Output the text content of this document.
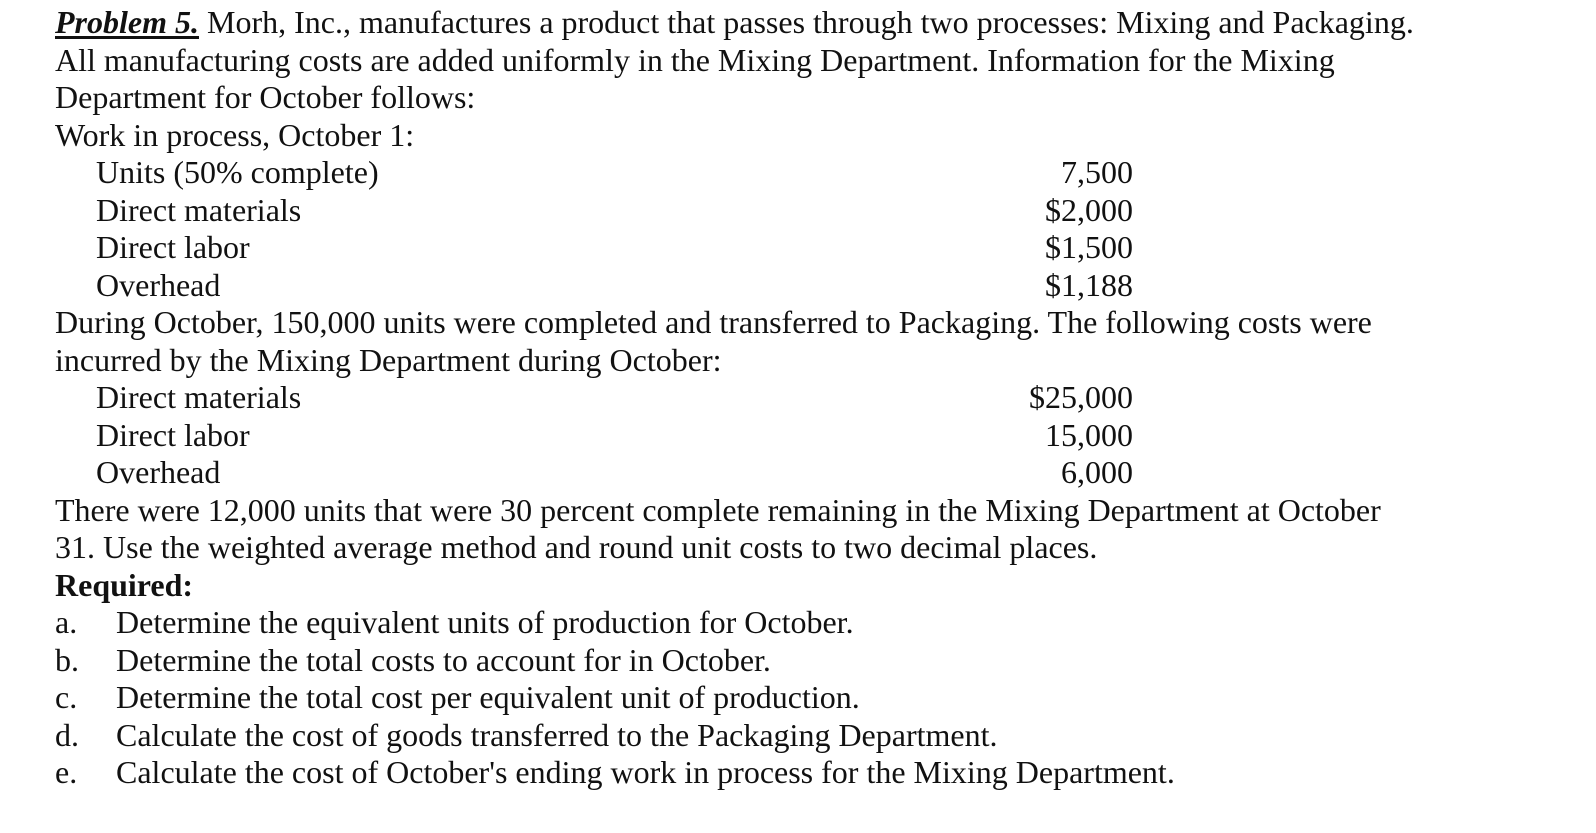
Problem 5. Morh, Inc., manufactures a product that passes through two processes: Mixing and Packaging.
All manufacturing costs are added uniformly in the Mixing Department. Information for the Mixing
Department for October follows:
Work in process, October 1:
Units (50% complete)	7,500
Direct materials	$2,000
Direct labor	$1,500
Overhead	$1,188
During October, 150,000 units were completed and transferred to Packaging. The following costs were
incurred by the Mixing Department during October:
Direct materials	$25,000
Direct labor	15,000
Overhead	6,000
There were 12,000 units that were 30 percent complete remaining in the Mixing Department at October
31. Use the weighted average method and round unit costs to two decimal places.
Required:
a. Determine the equivalent units of production for October.
b. Determine the total costs to account for in October.
c. Determine the total cost per equivalent unit of production.
d. Calculate the cost of goods transferred to the Packaging Department.
e. Calculate the cost of October's ending work in process for the Mixing Department.
